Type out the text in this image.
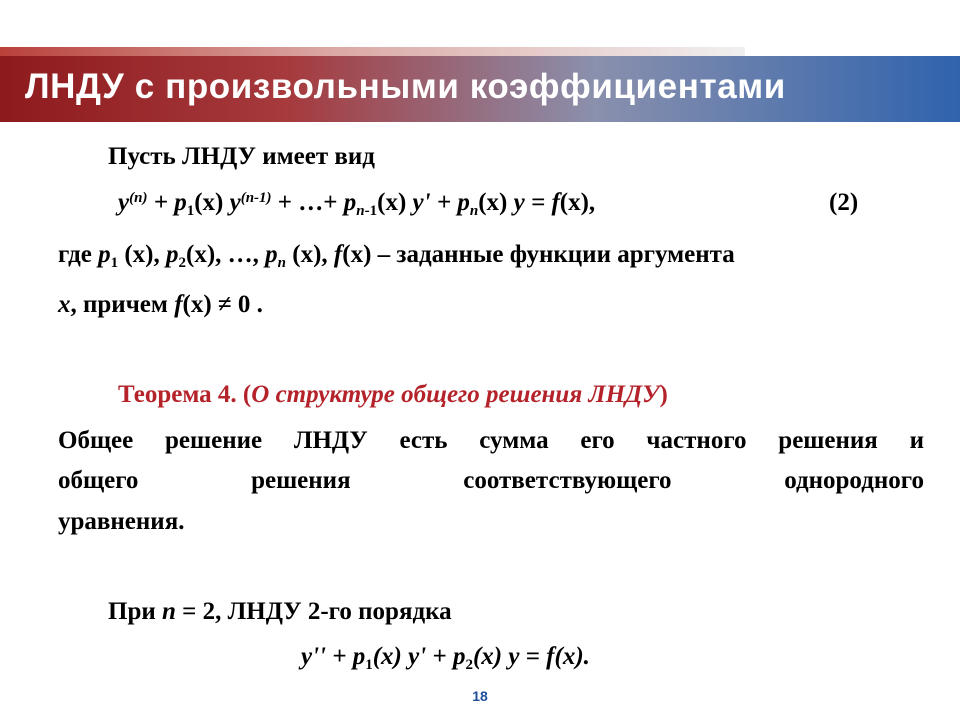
ЛНДУ с произвольными коэффициентами
Пусть ЛНДУ имеет вид
$y^{(n)} + p_1(x) y^{(n-1)}$ + …+ $p_{n-1}(x) y' + p_n(x) y = f(x)$,	(2)
где $p_1$ (x), $p_2(x)$, …, $p_n$ (x), f(x) – заданные функции аргумента
x, причем f(x) ≠ 0 .
Теорема 4. (О структуре общего решения ЛНДУ)
Общее решение ЛНДУ есть сумма его частного решения и
общего решения соответствующего однородного
уравнения.
При n = 2, ЛНДУ 2-го порядка
$y'' + p_1(x) y' + p_2(x) y = f(x)$.
18
